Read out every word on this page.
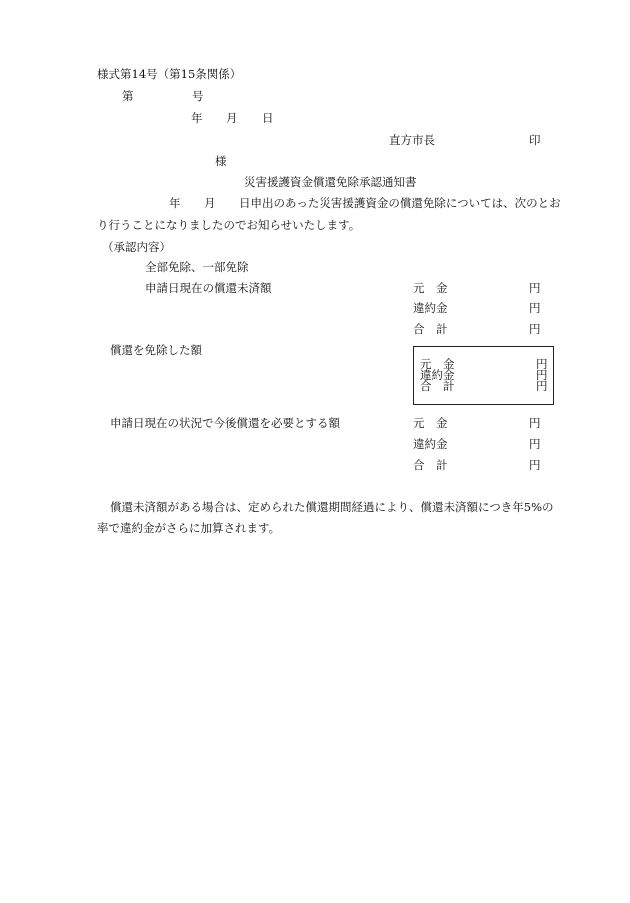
様式第14号（第15条関係）
第	号
年 月 日
直方市長	印
様
災害援護資金償還免除承認通知書
年 月 日申出のあった災害援護資金の償還免除については、次のとお
り行うことになりましたのでお知らせいたします。
（承認内容）
全部免除、一部免除
申請日現在の償還未済額	元　金	円
違約金	円
合　計	円
償還を免除した額
元　金	円
違約金	円
合　計	円
申請日現在の状況で今後償還を必要とする額	元　金	円
違約金	円
合　計	円
償還未済額がある場合は、定められた償還期間経過により、償還未済額につき年5%の
率で違約金がさらに加算されます。
